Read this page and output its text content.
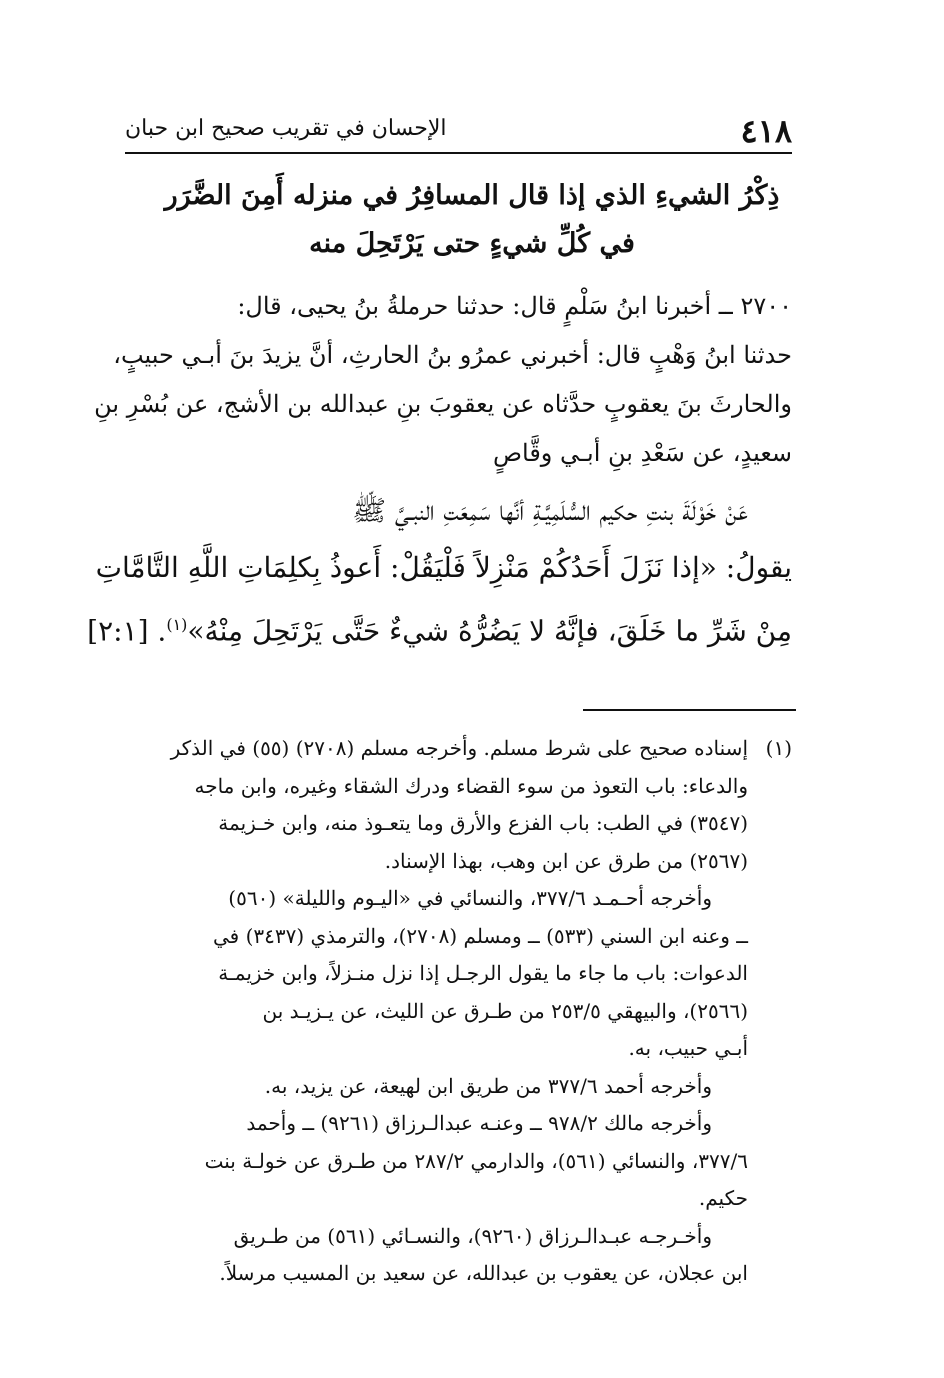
٤١٨
الإحسان في تقريب صحيح ابن حبان
ذِكْرُ الشيءِ الذي إذا قال المسافِرُ في منزله أَمِنَ الضَّرَر
في كُلِّ شيءٍ حتى يَرْتَحِلَ منه

٢٧٠٠ ــ أخبرنا ابنُ سَلْمٍ قال: حدثنا حرملةُ بنُ يحيى، قال:

حدثنا ابنُ وَهْبٍ قال: أخبرني عمرُو بنُ الحارثِ، أنَّ يزيدَ بنَ أبـي حبيبٍ،

والحارثَ بنَ يعقوبٍ حدَّثاه عن يعقوبَ بنِ عبدالله بن الأشج، عن بُسْرِ بنِ

سعيدٍ، عن سَعْدِ بنِ أبـي وقَّاصٍ

عَنْ خَوْلَةَ بنتِ حكيم السُّلَمِيَّـةِ أنَّها سَمِعَتِ النبـيَّ ﷺ

يقولُ: «إذا نَزَلَ أَحَدُكُمْ مَنْزِلاً فَلْيَقُلْ: أَعوذُ بِكلِمَاتِ اللَّهِ التَّامَّاتِ

مِنْ شَرِّ ما خَلَقَ، فإنَّهُ لا يَضُرُّهُ شيءٌ حَتَّى يَرْتَحِلَ مِنْهُ»$^{(١)}$. [٢:١]

(١)إسناده صحيح على شرط مسلم. وأخرجه مسلم (٢٧٠٨) (٥٥) في الذكر

والدعاء: باب التعوذ من سوء القضاء ودرك الشقاء وغيره، وابن ماجه

(٣٥٤٧) في الطب: باب الفزع والأرق وما يتعـوذ منه، وابن خـزيمة

(٢٥٦٧) من طرق عن ابن وهب، بهذا الإسناد.

وأخرجه أحـمـد ٣٧٧/٦، والنسائي في «اليـوم والليلة» (٥٦٠)

ــ وعنه ابن السني (٥٣٣) ــ ومسلم (٢٧٠٨)، والترمذي (٣٤٣٧) في

الدعوات: باب ما جاء ما يقول الرجـل إذا نزل منـزلاً، وابن خزيمـة

(٢٥٦٦)، والبيهقي ٢٥٣/٥ من طـرق عن الليث، عن يـزيـد بن

أبـي حبيب، به.

وأخرجه أحمد ٣٧٧/٦ من طريق ابن لهيعة، عن يزيد، به.

وأخرجه مالك ٩٧٨/٢ ــ وعنـه عبدالـرزاق (٩٢٦١) ــ وأحمد

٣٧٧/٦، والنسائي (٥٦١)، والدارمي ٢٨٧/٢ من طـرق عن خولـة بنت

حكيم.

وأخـرجـه عبـدالـرزاق (٩٢٦٠)، والنسـائي (٥٦١) من طـريق

ابن عجلان، عن يعقوب بن عبدالله، عن سعيد بن المسيب مرسلاً.
